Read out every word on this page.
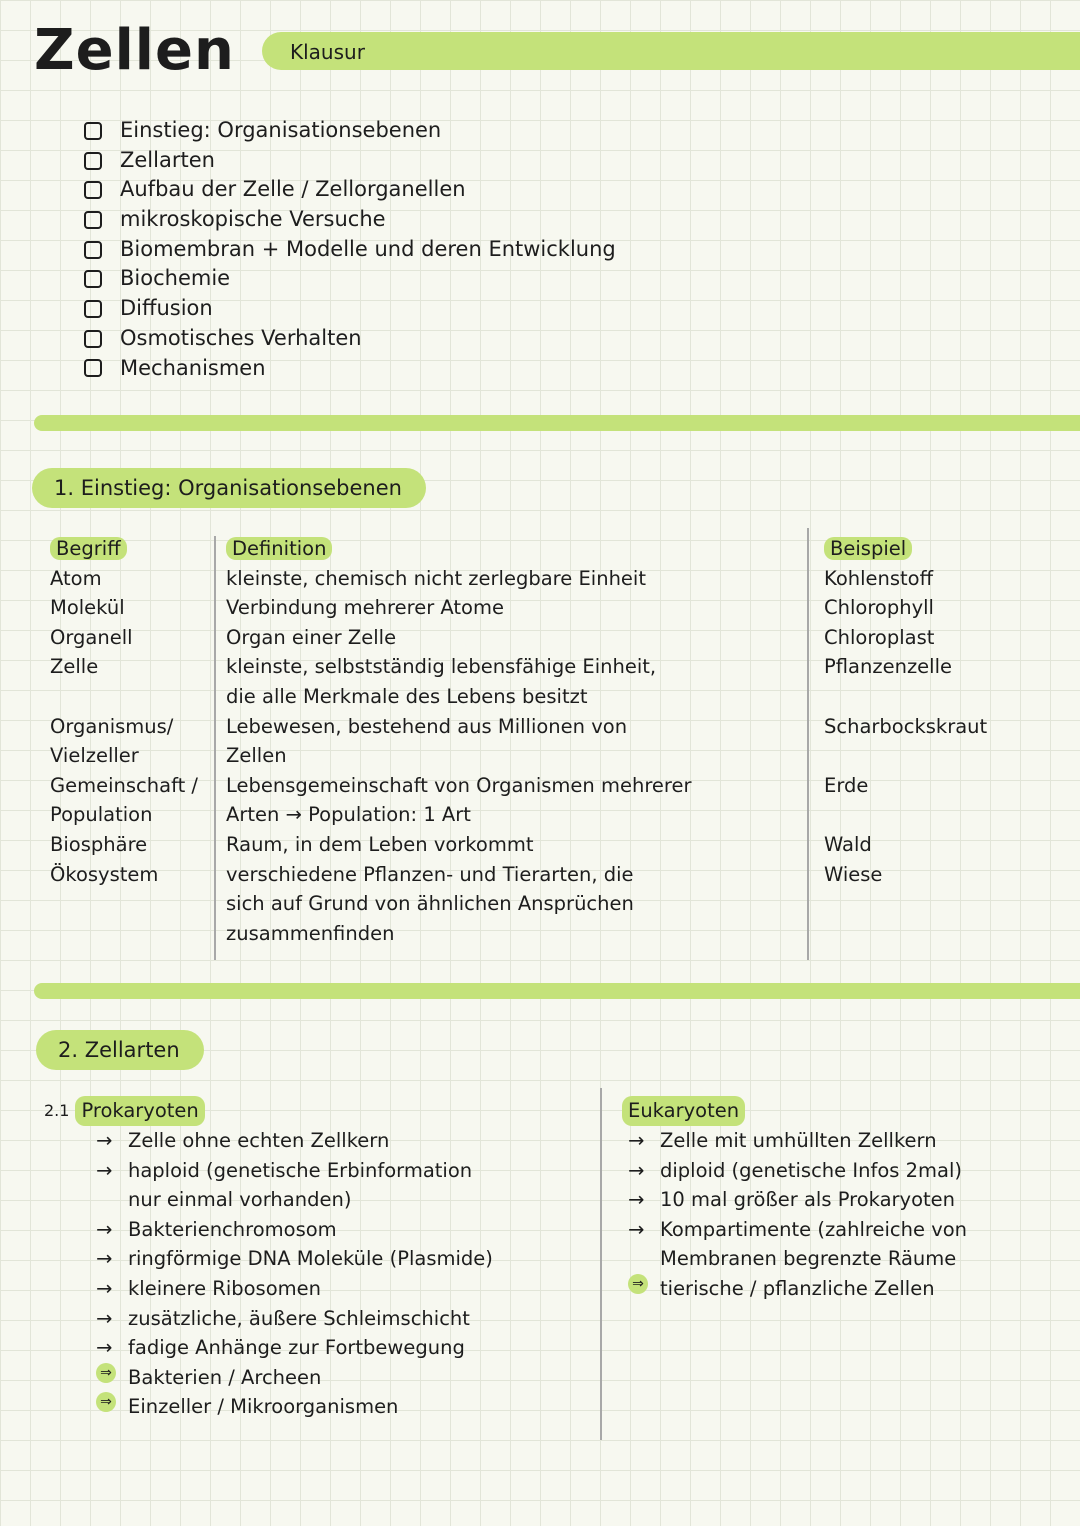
Zellen	Klausur
Einstieg: Organisationsebenen
Zellarten
Aufbau der Zelle / Zellorganellen
mikroskopische Versuche
Biomembran + Modelle und deren Entwicklung
Biochemie
Diffusion
Osmotisches Verhalten
Mechanismen
1. Einstieg: Organisationsebenen
Begriff
Atom
Molekül
Organell
Zelle

Organismus/
Vielzeller
Gemeinschaft /
Population
Biosphäre
Ökosystem
Definition
kleinste, chemisch nicht zerlegbare Einheit
Verbindung mehrerer Atome
Organ einer Zelle
kleinste, selbstständig lebensfähige Einheit,
die alle Merkmale des Lebens besitzt
Lebewesen, bestehend aus Millionen von
Zellen
Lebensgemeinschaft von Organismen mehrerer
Arten → Population: 1 Art
Raum, in dem Leben vorkommt
verschiedene Pflanzen- und Tierarten, die
sich auf Grund von ähnlichen Ansprüchen
zusammenfinden
Beispiel
Kohlenstoff
Chlorophyll
Chloroplast
Pflanzenzelle

Scharbockskraut

Erde

Wald
Wiese
2. Zellarten
2.1 Prokaryoten
→ Zelle ohne echten Zellkern
→ haploid (genetische Erbinformation
nur einmal vorhanden)
→ Bakterienchromosom
→ ringförmige DNA Moleküle (Plasmide)
→ kleinere Ribosomen
→ zusätzliche, äußere Schleimschicht
→ fadige Anhänge zur Fortbewegung
⇒ Bakterien / Archeen
⇒ Einzeller / Mikroorganismen
Eukaryoten
→ Zelle mit umhüllten Zellkern
→ diploid (genetische Infos 2mal)
→ 10 mal größer als Prokaryoten
→ Kompartimente (zahlreiche von
Membranen begrenzte Räume
⇒ tierische / pflanzliche Zellen
